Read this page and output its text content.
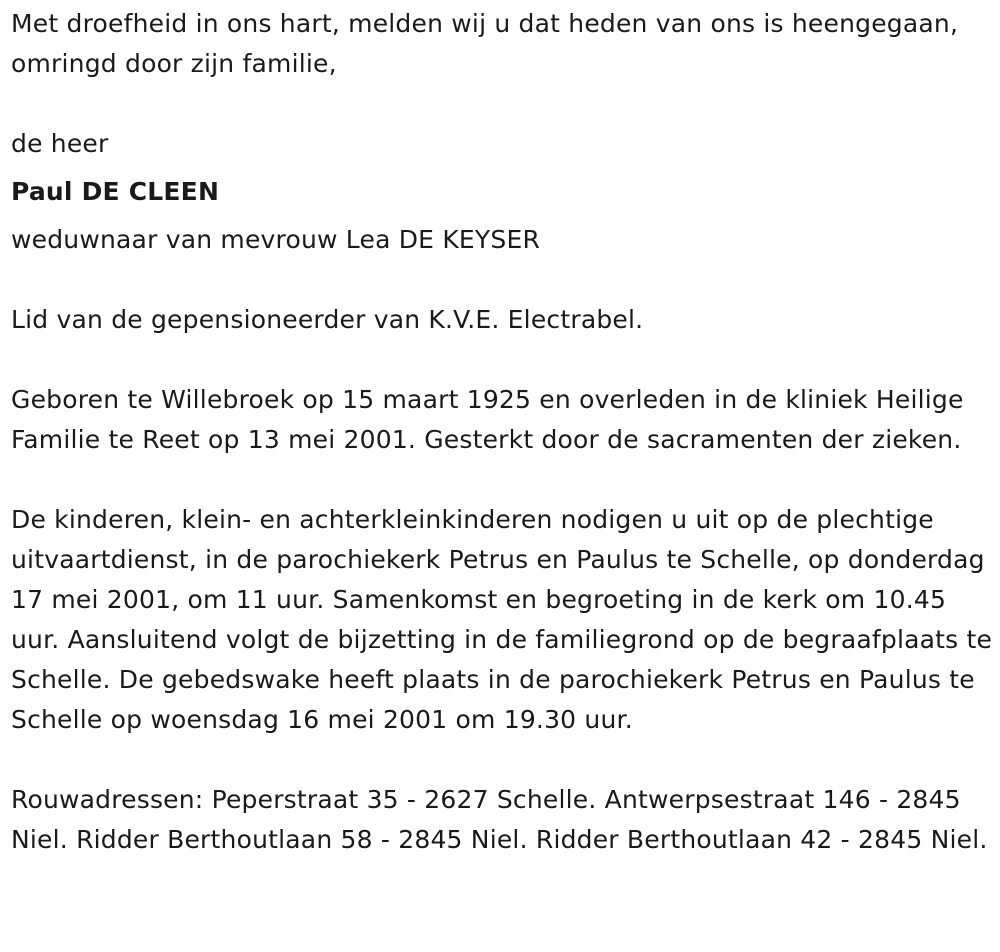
Met droefheid in ons hart, melden wij u dat heden van ons is heengegaan, omringd door zijn familie,

de heer

Paul DE CLEEN

weduwnaar van mevrouw Lea DE KEYSER

Lid van de gepensioneerder van K.V.E. Electrabel.

Geboren te Willebroek op 15 maart 1925 en overleden in de kliniek Heilige Familie te Reet op 13 mei 2001. Gesterkt door de sacramenten der zieken.

De kinderen, klein- en achterkleinkinderen nodigen u uit op de plechtige uitvaartdienst, in de parochiekerk Petrus en Paulus te Schelle, op donderdag 17 mei 2001, om 11 uur. Samenkomst en begroeting in de kerk om 10.45 uur. Aansluitend volgt de bijzetting in de familiegrond op de begraafplaats te Schelle. De gebedswake heeft plaats in de parochiekerk Petrus en Paulus te Schelle op woensdag 16 mei 2001 om 19.30 uur.

Rouwadressen: Peperstraat 35 - 2627 Schelle. Antwerpsestraat 146 - 2845 Niel. Ridder Berthoutlaan 58 - 2845 Niel. Ridder Berthoutlaan 42 - 2845 Niel.
